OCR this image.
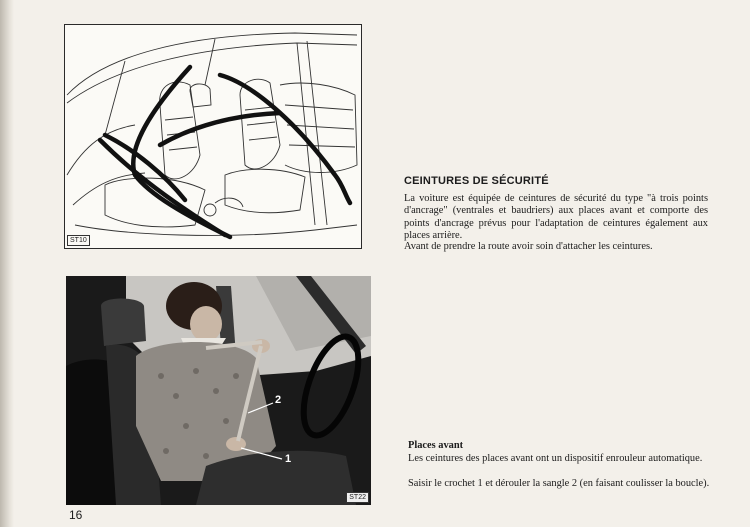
ST10
2
1
ST22
CEINTURES DE SÉCURITÉ

La voiture est équipée de ceintures de sécurité du type "à trois points d'ancrage" (ventrales et baudriers) aux places avant et comporte des points d'ancrage prévus pour l'adaptation de ceintures également aux places arrière.

Avant de prendre la route avoir soin d'attacher les ceintures.

Places avant

Les ceintures des places avant ont un dispositif enrouleur automatique.

Saisir le crochet 1 et dérouler la sangle 2 (en faisant coulisser la boucle).

16
